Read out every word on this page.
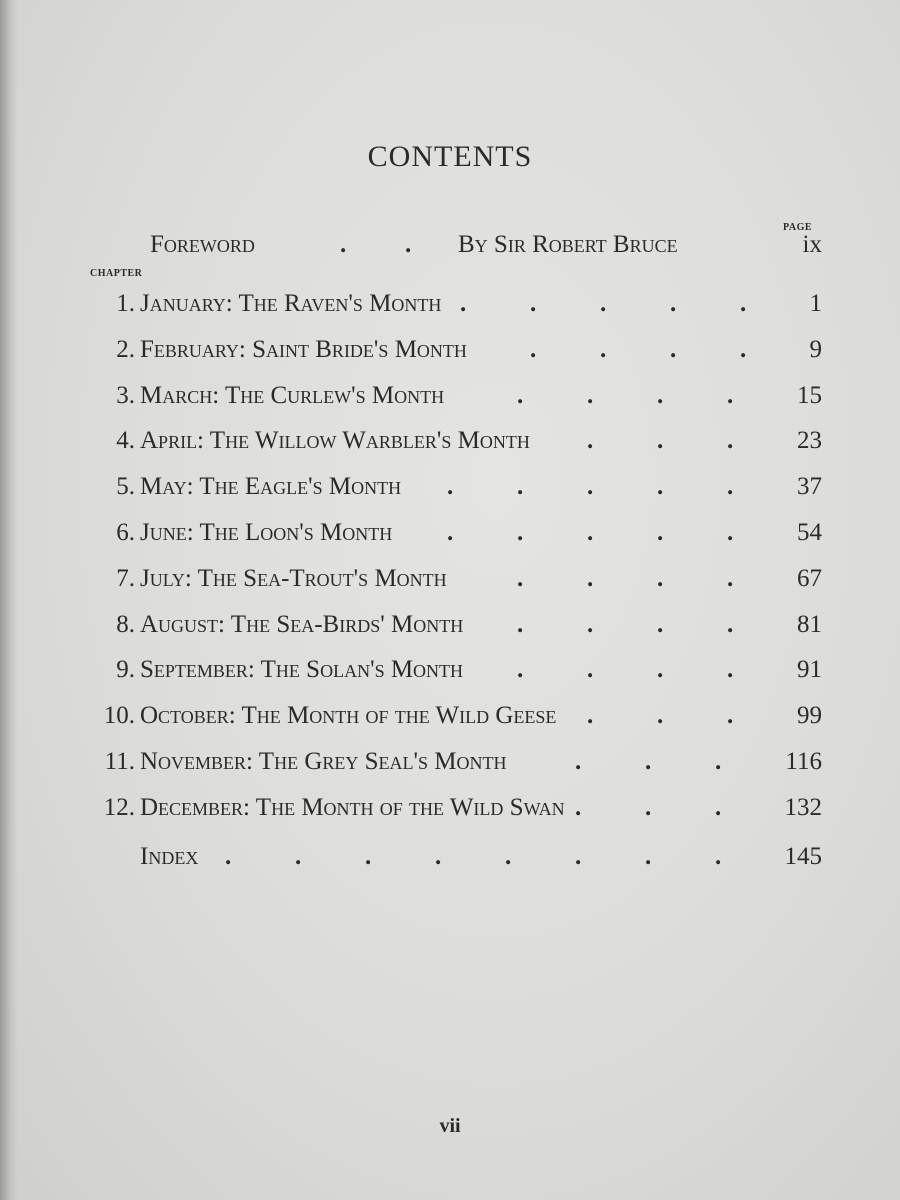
CONTENTS
PAGE
Foreword	. . By Sir Robert Bruce	ix
CHAPTER
1. January: The Raven's Month	1
.
.
.
.
.
2. February: Saint Bride's Month	9
.
.
.
.
3. March: The Curlew's Month	15
.
.
.
.
4. April: The Willow Warbler's Month	23
.
.
.
5. May: The Eagle's Month	37
.
.
.
.
.
6. June: The Loon's Month	54
.
.
.
.
.
7. July: The Sea-Trout's Month	67
.
.
.
.
8. August: The Sea-Birds' Month	81
.
.
.
.
9. September: The Solan's Month	91
.
.
.
.
10. October: The Month of the Wild Geese	99
.
.
.
11. November: The Grey Seal's Month	116
.
.
.
12. December: The Month of the Wild Swan	132
.
.
.
Index	145
.
.
.
.
.
.
.
.
vii
